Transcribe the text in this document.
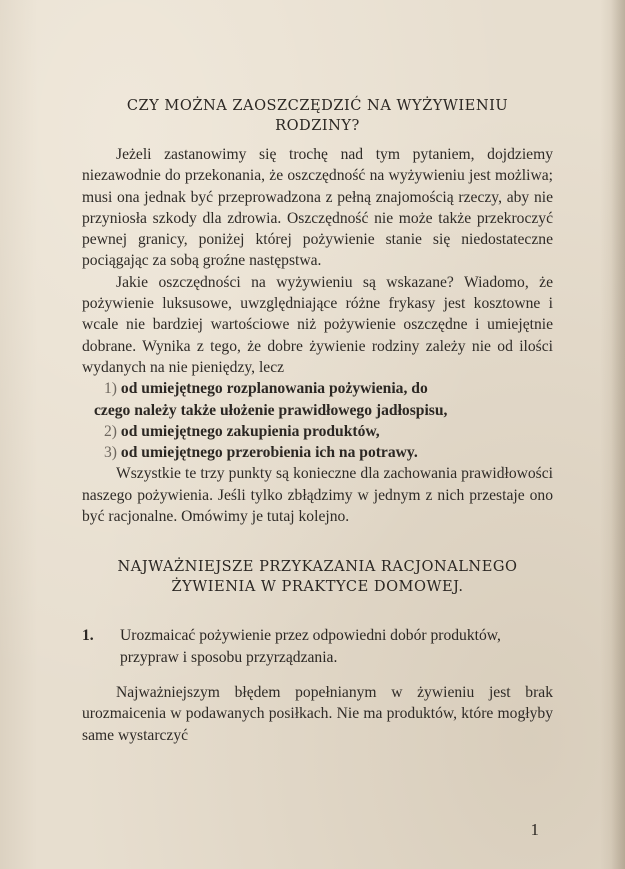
CZY MOŻNA ZAOSZCZĘDZIĆ NA WYŻYWIENIU RODZINY?

Jeżeli zastanowimy się trochę nad tym pytaniem, dojdziemy niezawodnie do przekonania, że oszczędność na wyżywieniu jest możliwa; musi ona jednak być przeprowadzona z pełną znajomością rzeczy, aby nie przyniosła szkody dla zdrowia. Oszczędność nie może także przekroczyć pewnej granicy, poniżej której pożywienie stanie się niedostateczne pociągając za sobą groźne następstwa.

Jakie oszczędności na wyżywieniu są wskazane? Wiadomo, że pożywienie luksusowe, uwzględniające różne frykasy jest kosztowne i wcale nie bardziej wartościowe niż pożywienie oszczędne i umiejętnie dobrane. Wynika z tego, że dobre żywienie rodziny zależy nie od ilości wydanych na nie pieniędzy, lecz

1) od umiejętnego rozplanowania pożywienia, do
czego należy także ułożenie prawidłowego jadłospisu,
2) od umiejętnego zakupienia produktów,
3) od umiejętnego przerobienia ich na potrawy.

Wszystkie te trzy punkty są konieczne dla zachowania prawidłowości naszego pożywienia. Jeśli tylko zbłądzimy w jednym z nich przestaje ono być racjonalne. Omówimy je tutaj kolejno.

NAJWAŻNIEJSZE PRZYKAZANIA RACJONALNEGO ŻYWIENIA W PRAKTYCE DOMOWEJ.
1.	Urozmaicać pożywienie przez odpowiedni dobór produktów, przypraw i sposobu przyrządzania.

Najważniejszym błędem popełnianym w żywieniu jest brak urozmaicenia w podawanych posiłkach. Nie ma produktów, które mogłyby same wystarczyć

1
